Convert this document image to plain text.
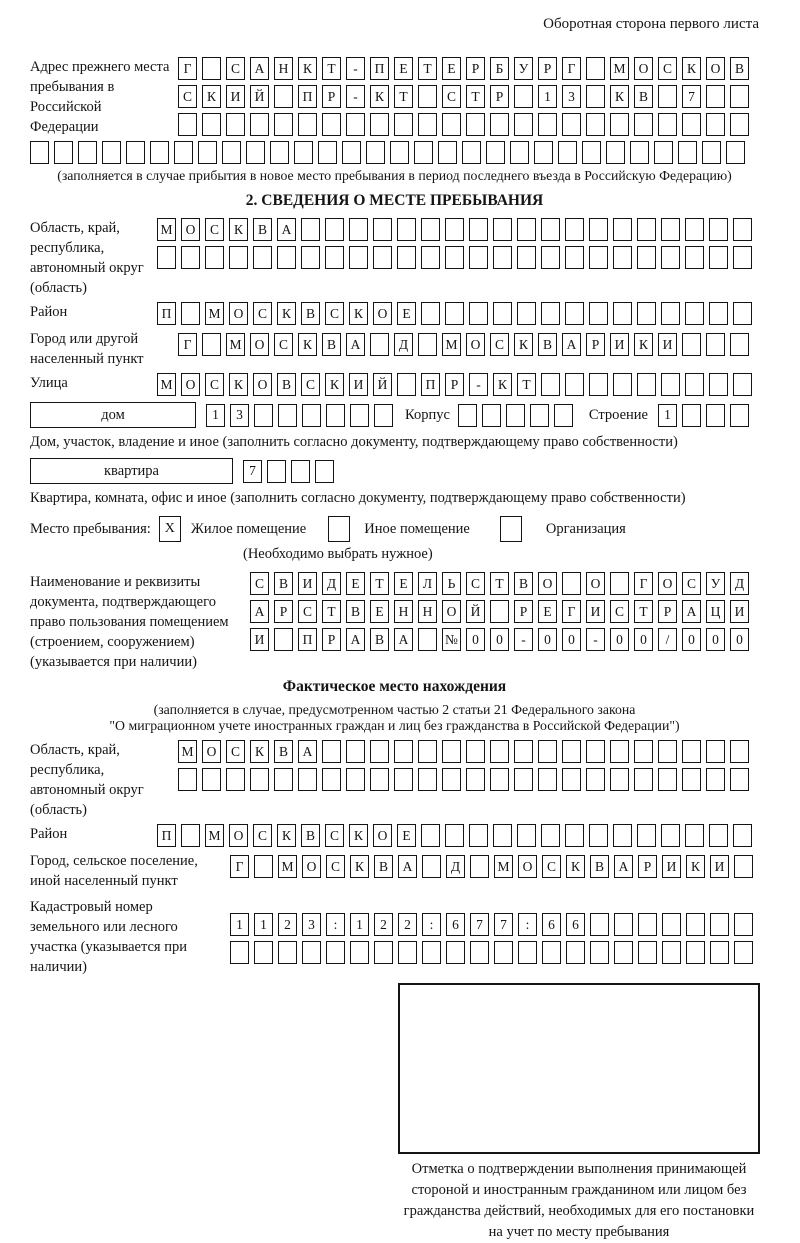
Оборотная сторона первого листа
Адрес прежнего места пребывания в Российской Федерации
Г	С	А	Н	К	Т	-	П	Е	Т	Е	Р	Б	У	Р	Г	М О	С	К	О	В
С	К	И	Й	П	Р	-	К	Т	С	Т	Р	1	3	К	В	7
(заполняется в случае прибытия в новое место пребывания в период последнего въезда в Российскую Федерацию)
2. СВЕДЕНИЯ О МЕСТЕ ПРЕБЫВАНИЯ
Область, край, республика, автономный округ (область)
М О	С	К	В	А
Район	П	М О	С	К	В	С	К	О	Е
Город или другой населенный пункт
Г	М О	С	К	В	А	Д	М О	С	К	В	А	Р	И	К	И
Улица	М О	С	К	О	В	С	К	И	Й	П	Р	-	К	Т
дом	1	3	Корпус	Строение	1
Дом, участок, владение и иное (заполнить согласно документу, подтверждающему право собственности)
квартира	7
Квартира, комната, офис и иное (заполнить согласно документу, подтверждающему право собственности)
Место пребывания: X Жилое помещение	Иное помещение	Организация
(Необходимо выбрать нужное)
Наименование и реквизиты документа, подтверждающего право пользования помещением (строением, сооружением) (указывается при наличии)
С	В	И	Д	Е	Т	Е	Л	Ь	С	Т	В	О	О	Г	О	С	У	Д
А	Р	С	Т	В	Е	Н	Н	О	Й	Р	Е	Г	И	С	Т	Р	А	Ц	И
И	П	Р	А	В	А	№	0	0	-	0	0	-	0	0	/	0	0	0
Фактическое место нахождения
(заполняется в случае, предусмотренном частью 2 статьи 21 Федерального закона
"О миграционном учете иностранных граждан и лиц без гражданства в Российской Федерации")
Область, край, республика, автономный округ (область)
М О	С	К	В	А
Район	П	М О	С	К	В	С	К	О	Е
Город, сельское поселение, иной населенный пункт
Г	М О	С	К	В	А	Д	М О	С	К	В	А	Р	И	К	И
Кадастровый номер земельного или лесного участка (указывается при наличии)
1	1	2	3	:	1	2	2	:	6	7	7	:	6	6
Отметка о подтверждении выполнения принимающей
стороной и иностранным гражданином или лицом без
гражданства действий, необходимых для его постановки
на учет по месту пребывания
